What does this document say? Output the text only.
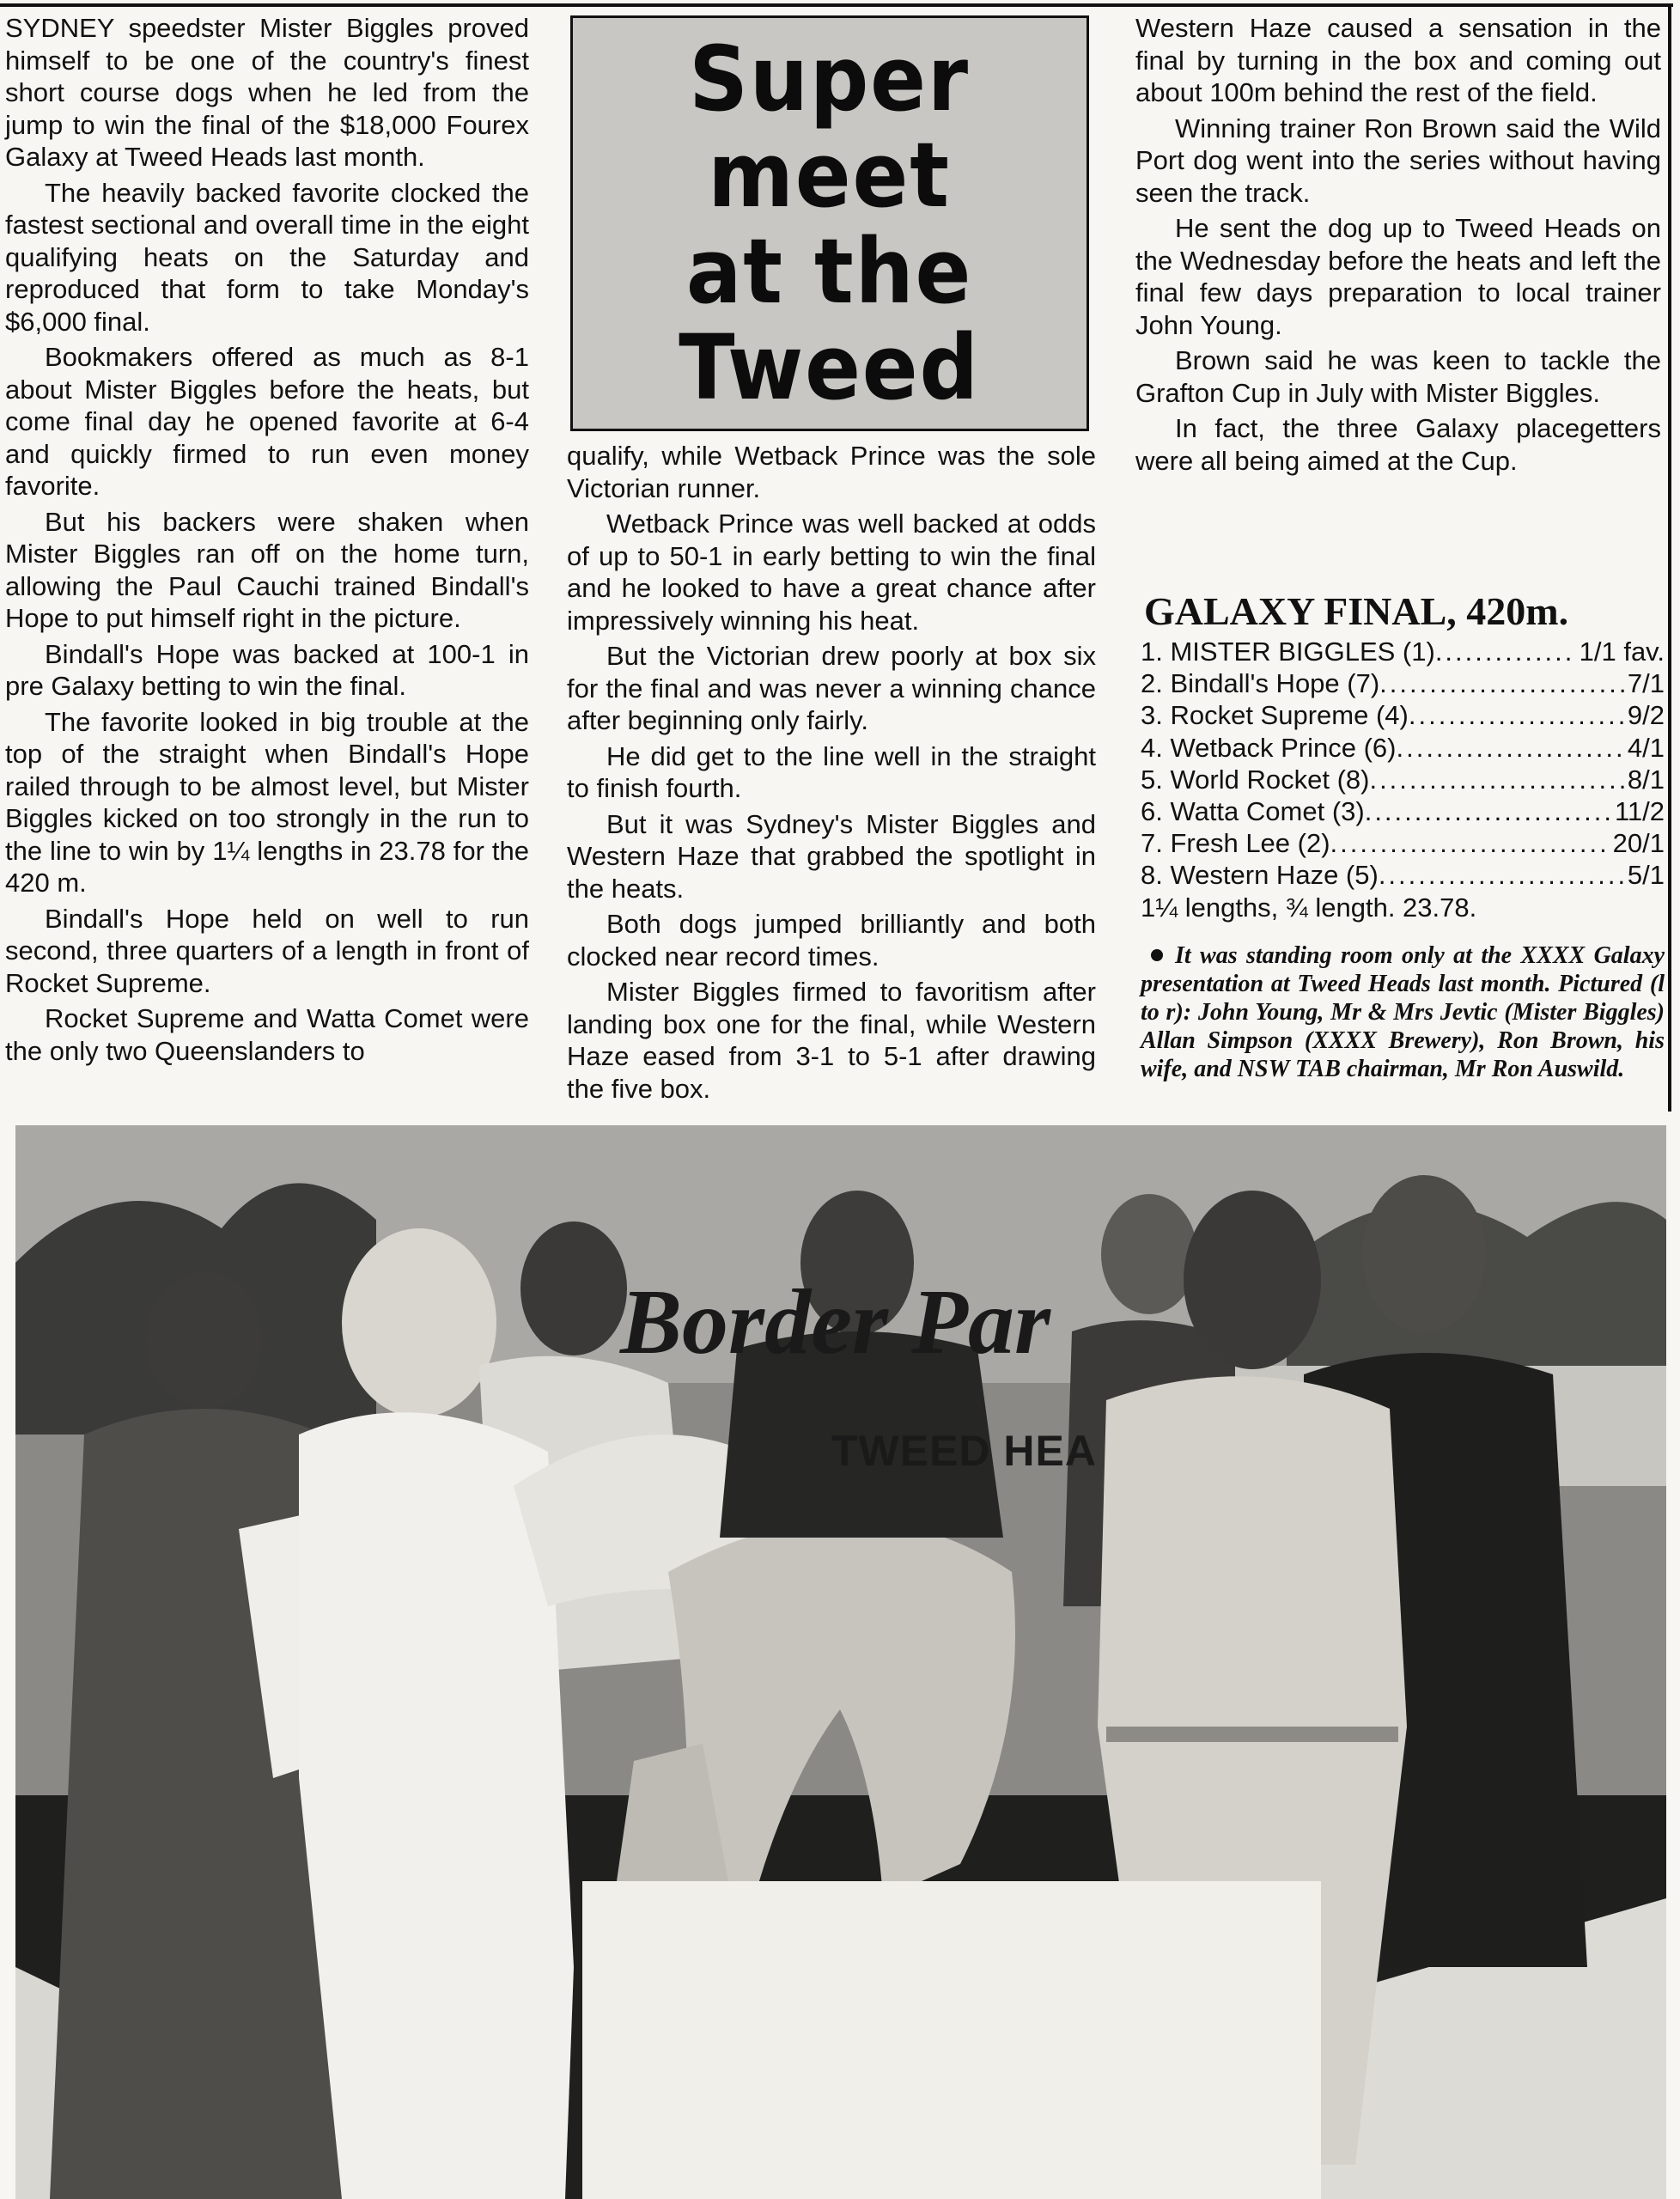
SYDNEY speedster Mister Biggles proved himself to be one of the country's finest short course dogs when he led from the jump to win the final of the $18,000 Fourex Galaxy at Tweed Heads last month.

The heavily backed favorite clocked the fastest sectional and overall time in the eight qualifying heats on the Saturday and reproduced that form to take Monday's $6,000 final.

Bookmakers offered as much as 8-1 about Mister Biggles before the heats, but come final day he opened favorite at 6-4 and quickly firmed to run even money favorite.

But his backers were shaken when Mister Biggles ran off on the home turn, allowing the Paul Cauchi trained Bindall's Hope to put himself right in the picture.

Bindall's Hope was backed at 100-1 in pre Galaxy betting to win the final.

The favorite looked in big trouble at the top of the straight when Bindall's Hope railed through to be almost level, but Mister Biggles kicked on too strongly in the run to the line to win by 1¼ lengths in 23.78 for the 420 m.

Bindall's Hope held on well to run second, three quarters of a length in front of Rocket Supreme.

Rocket Supreme and Watta Comet were the only two Queenslanders to

Super
meet
at the
Tweed

qualify, while Wetback Prince was the sole Victorian runner.

Wetback Prince was well backed at odds of up to 50-1 in early betting to win the final and he looked to have a great chance after impressively winning his heat.

But the Victorian drew poorly at box six for the final and was never a winning chance after beginning only fairly.

He did get to the line well in the straight to finish fourth.

But it was Sydney's Mister Biggles and Western Haze that grabbed the spotlight in the heats.

Both dogs jumped brilliantly and both clocked near record times.

Mister Biggles firmed to favoritism after landing box one for the final, while Western Haze eased from 3-1 to 5-1 after drawing the five box.

Western Haze caused a sensation in the final by turning in the box and coming out about 100m behind the rest of the field.

Winning trainer Ron Brown said the Wild Port dog went into the series without having seen the track.

He sent the dog up to Tweed Heads on the Wednesday before the heats and left the final few days preparation to local trainer John Young.

Brown said he was keen to tackle the Grafton Cup in July with Mister Biggles.

In fact, the three Galaxy placegetters were all being aimed at the Cup.

GALAXY FINAL, 420m.
1. MISTER BIGGLES (1) .....	1/1 fav.
2. Bindall's Hope (7) .....	7/1
3. Rocket Supreme (4) .....	9/2
4. Wetback Prince (6) .....	4/1
5. World Rocket (8) .....	8/1
6. Watta Comet (3) .....	11/2
7. Fresh Lee (2) .....	20/1
8. Western Haze (5) .....	5/1
1¼ lengths, ¾ length. 23.78.
It was standing room only at the XXXX Galaxy presentation at Tweed Heads last month. Pictured (l to r): John Young, Mr & Mrs Jevtic (Mister Biggles) Allan Simpson (XXXX Brewery), Ron Brown, his wife, and NSW TAB chairman, Mr Ron Auswild.
Border Par
TWEED HEA
